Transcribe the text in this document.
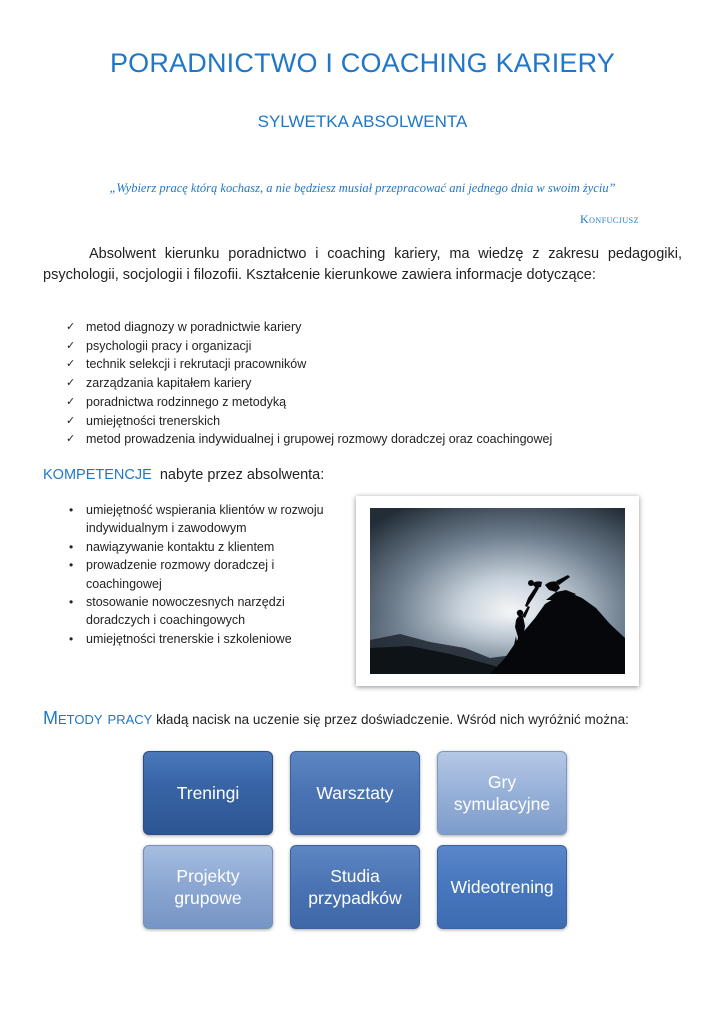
PORADNICTWO I COACHING KARIERY
SYLWETKA ABSOLWENTA
„Wybierz pracę którą kochasz, a nie będziesz musiał przepracować ani jednego dnia w swoim życiu”
Konfucjusz

Absolwent kierunku poradnictwo i coaching kariery, ma wiedzę z zakresu pedagogiki, psychologii, socjologii i filozofii. Kształcenie kierunkowe zawiera informacje dotyczące:

✓ metod diagnozy w poradnictwie kariery
✓ psychologii pracy i organizacji
✓ technik selekcji i rekrutacji pracowników
✓ zarządzania kapitałem kariery
✓ poradnictwa rodzinnego z metodyką
✓ umiejętności trenerskich
✓ metod prowadzenia indywidualnej i grupowej rozmowy doradczej oraz coachingowej
KOMPETENCJE nabyte przez absolwenta:
• umiejętność wspierania klientów w rozwoju indywidualnym i zawodowym
• nawiązywanie kontaktu z klientem
• prowadzenie rozmowy doradczej i coachingowej
• stosowanie nowoczesnych narzędzi doradczych i coachingowych
• umiejętności trenerskie i szkoleniowe
Metody pracy kładą nacisk na uczenie się przez doświadczenie. Wśród nich wyróżnić można:
Treningi	Warsztaty
Gry symulacyjne
Projekty grupowe
Studia przypadków
Wideotrening
